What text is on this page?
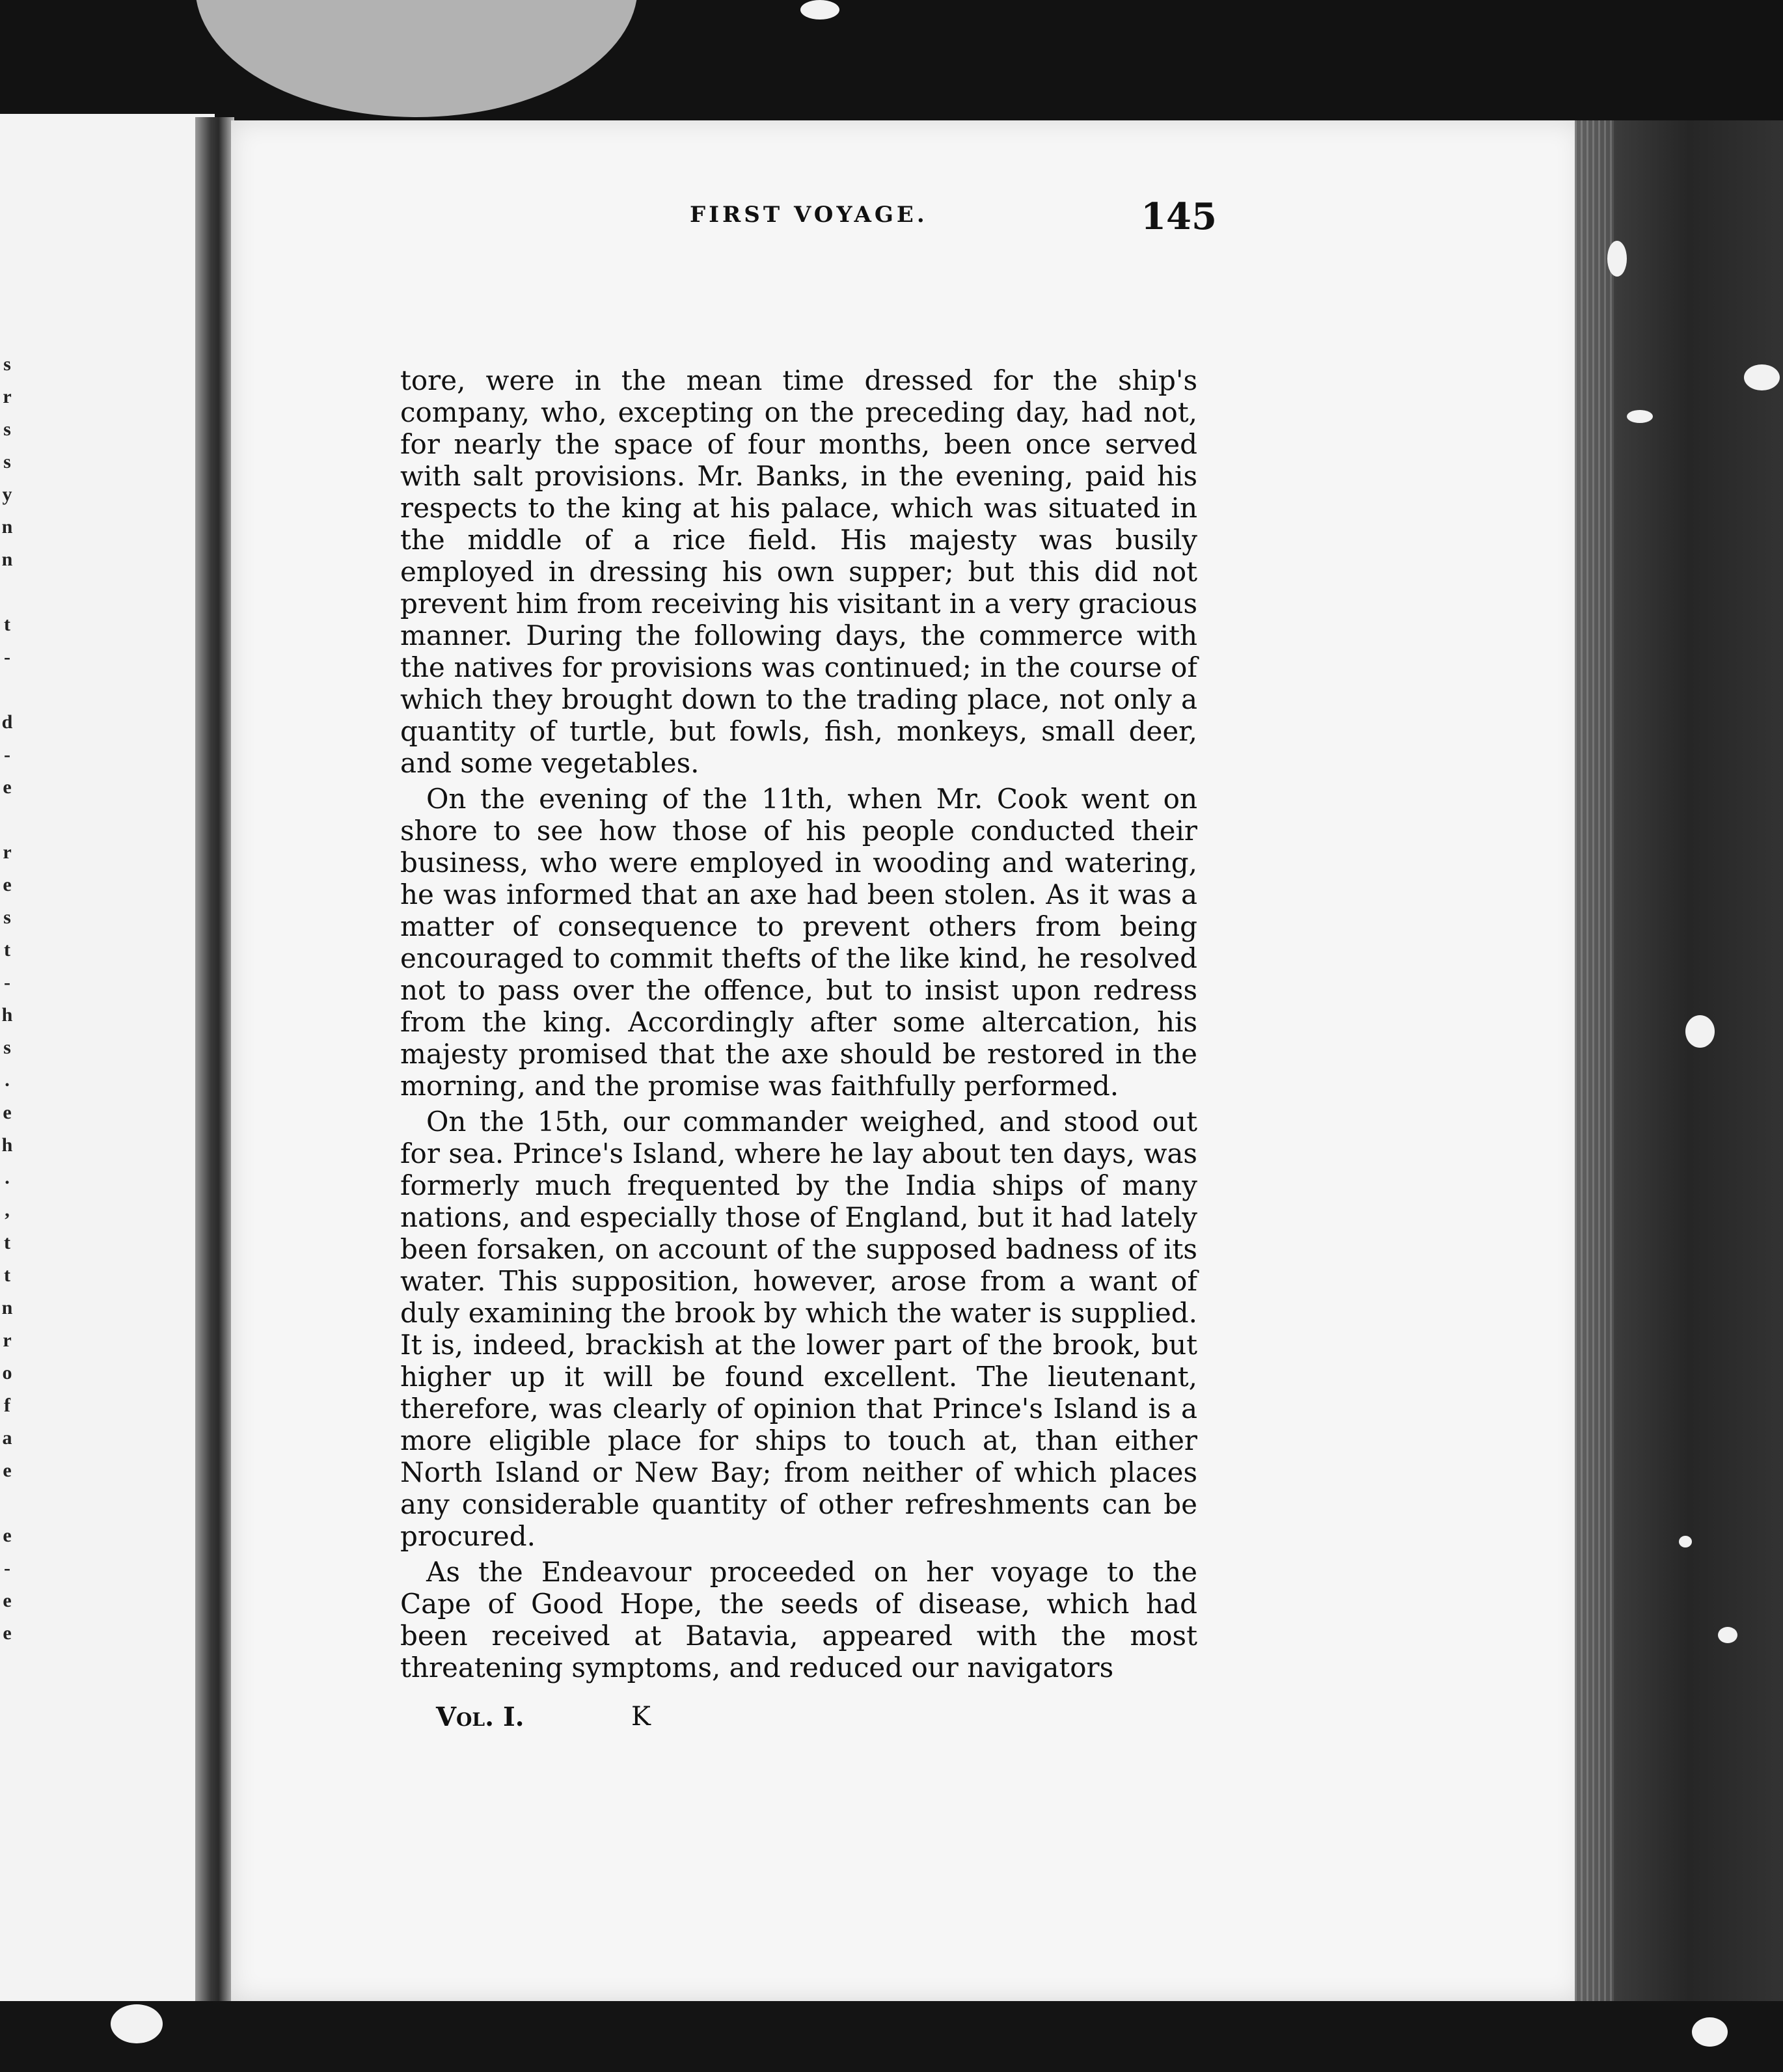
s
r
s
s
y
n
n

t
-

d
-
e

r
e
s
t
-
h
s
.
e
h
.
,
t
t
n
r
o
f
a
e

e
-
e
e
FIRST VOYAGE.	145

tore, were in the mean time dressed for the ship's company, who, excepting on the preceding day, had not, for nearly the space of four months, been once served with salt provisions. Mr. Banks, in the evening, paid his respects to the king at his palace, which was situated in the middle of a rice field. His majesty was busily employed in dressing his own supper; but this did not prevent him from receiving his visitant in a very gracious manner. During the following days, the commerce with the natives for provisions was continued; in the course of which they brought down to the trading place, not only a quantity of turtle, but fowls, fish, monkeys, small deer, and some vegetables.

On the evening of the 11th, when Mr. Cook went on shore to see how those of his people conducted their business, who were employed in wooding and watering, he was informed that an axe had been stolen. As it was a matter of consequence to prevent others from being encouraged to commit thefts of the like kind, he resolved not to pass over the offence, but to insist upon redress from the king. Accordingly after some altercation, his majesty promised that the axe should be restored in the morning, and the promise was faithfully performed.

On the 15th, our commander weighed, and stood out for sea. Prince's Island, where he lay about ten days, was formerly much frequented by the India ships of many nations, and especially those of England, but it had lately been forsaken, on account of the supposed badness of its water. This supposition, however, arose from a want of duly examining the brook by which the water is supplied. It is, indeed, brackish at the lower part of the brook, but higher up it will be found excellent. The lieutenant, therefore, was clearly of opinion that Prince's Island is a more eligible place for ships to touch at, than either North Island or New Bay; from neither of which places any considerable quantity of other refreshments can be procured.

As the Endeavour proceeded on her voyage to the Cape of Good Hope, the seeds of disease, which had been received at Batavia, appeared with the most threatening symptoms, and reduced our navigators

Vol. I.	K
